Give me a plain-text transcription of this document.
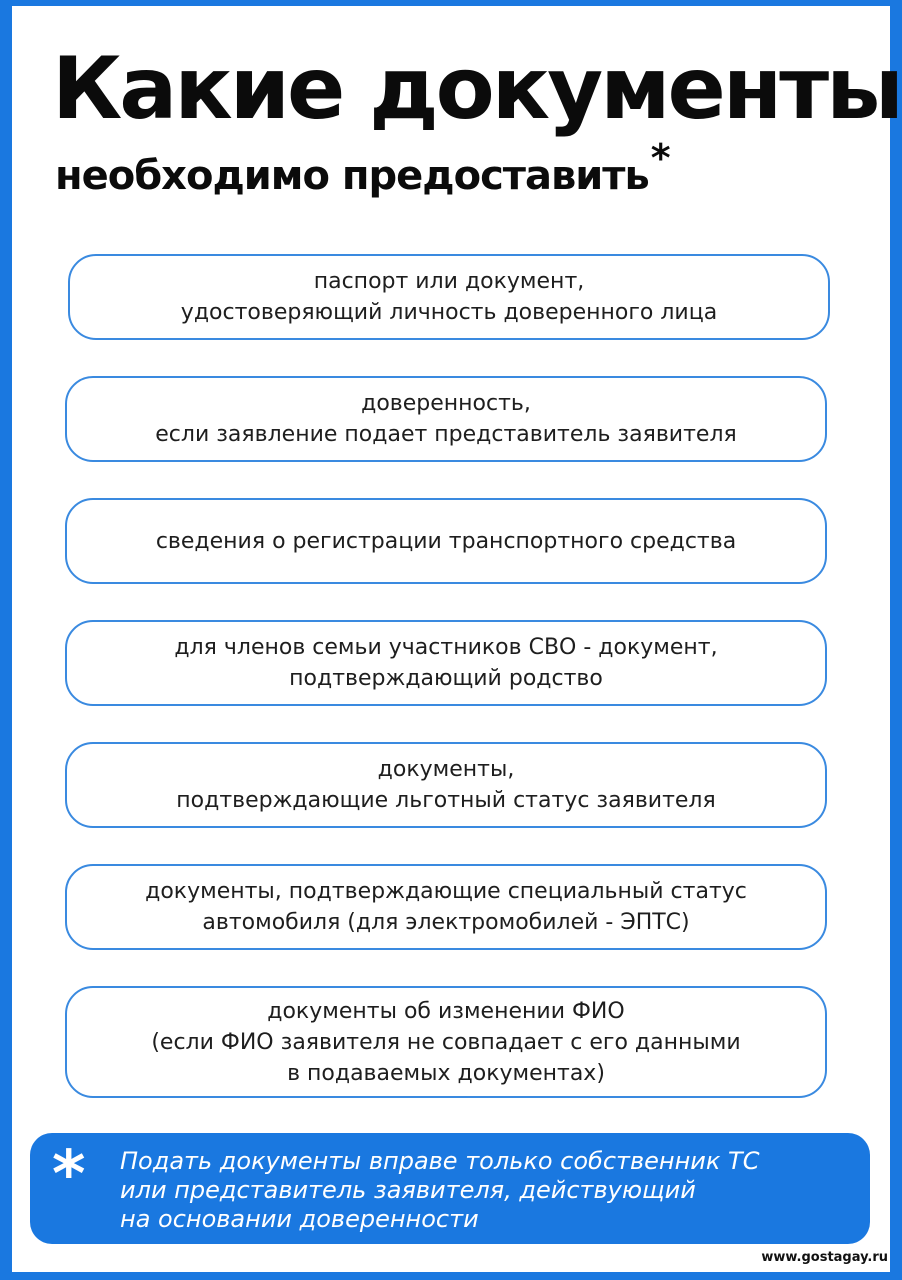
Какие документы
необходимо предоставить*
паспорт или документ,
удостоверяющий личность доверенного лица
доверенность,
если заявление подает представитель заявителя
сведения о регистрации транспортного средства
для членов семьи участников СВО - документ,
подтверждающий родство
документы,
подтверждающие льготный статус заявителя
документы, подтверждающие специальный статус
автомобиля (для электромобилей - ЭПТС)
документы об изменении ФИО
(если ФИО заявителя не совпадает с его данными
в подаваемых документах)
* Подать документы вправе только собственник ТС
или представитель заявителя, действующий
на основании доверенности

www.gostagay.ru
